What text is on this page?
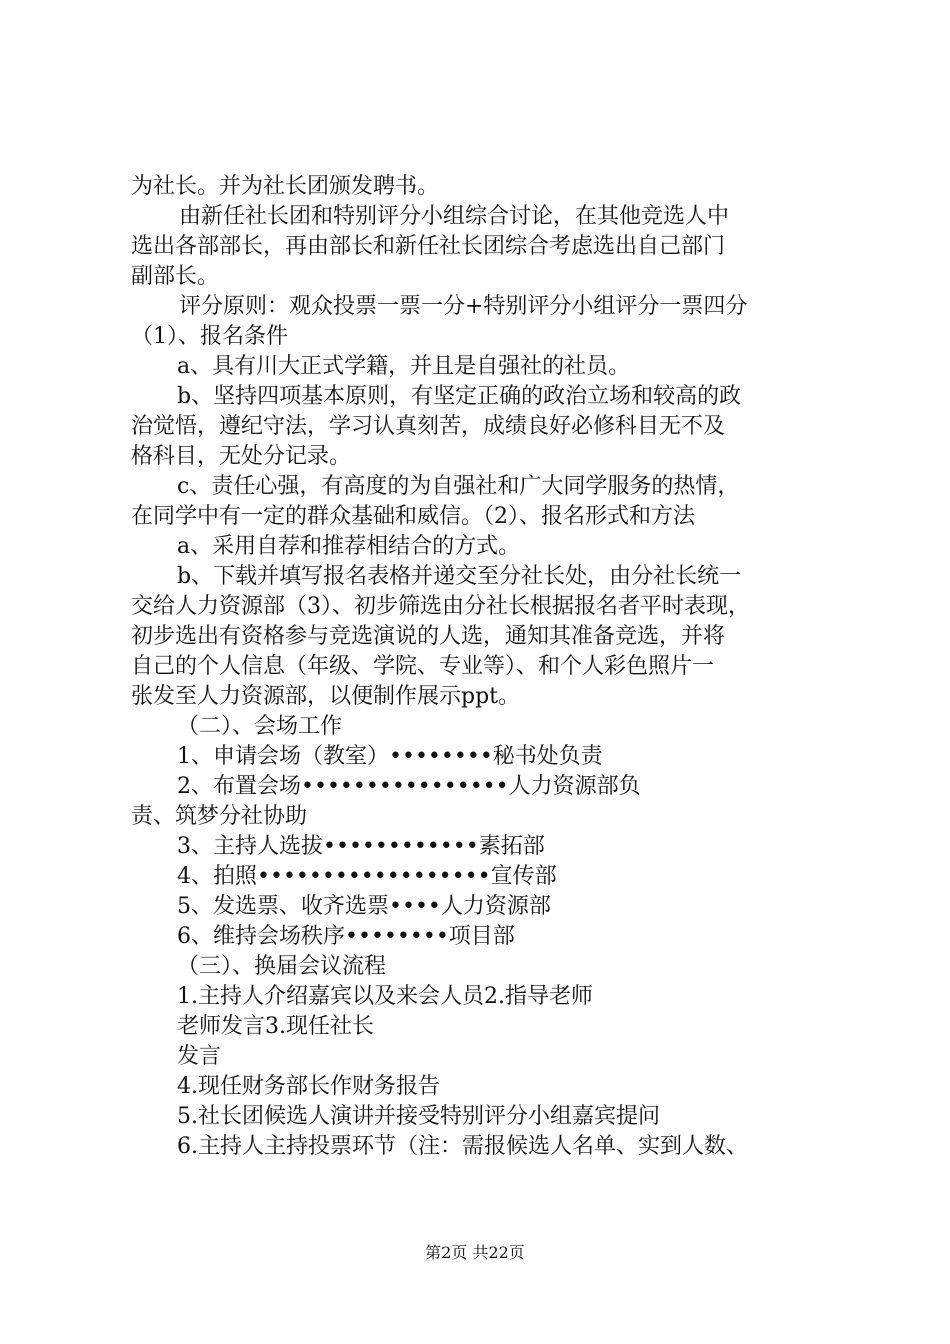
为社长。并为社长团颁发聘书。
由新任社长团和特别评分小组综合讨论，在其他竞选人中
选出各部部长，再由部长和新任社长团综合考虑选出自己部门
副部长。
评分原则：观众投票一票一分+特别评分小组评分一票四分
（1）、报名条件
a、具有川大正式学籍，并且是自强社的社员。
b、坚持四项基本原则，有坚定正确的政治立场和较高的政
治觉悟，遵纪守法，学习认真刻苦，成绩良好必修科目无不及
格科目，无处分记录。
c、责任心强，有高度的为自强社和广大同学服务的热情，
在同学中有一定的群众基础和威信。（2）、报名形式和方法
a、采用自荐和推荐相结合的方式。
b、下载并填写报名表格并递交至分社长处，由分社长统一
交给人力资源部（3）、初步筛选由分社长根据报名者平时表现，
初步选出有资格参与竞选演说的人选，通知其准备竞选，并将
自己的个人信息（年级、学院、专业等）、和个人彩色照片一
张发至人力资源部，以便制作展示ppt。
（二）、会场工作
1、申请会场（教室）••••••••秘书处负责
2、布置会场••••••••••••••••人力资源部负
责、筑梦分社协助
3、主持人选拔••••••••••••素拓部
4、拍照••••••••••••••••••宣传部
5、发选票、收齐选票••••人力资源部
6、维持会场秩序••••••••项目部
（三）、换届会议流程
1.主持人介绍嘉宾以及来会人员2.指导老师
老师发言3.现任社长
发言
4.现任财务部长作财务报告
5.社长团候选人演讲并接受特别评分小组嘉宾提问
6.主持人主持投票环节（注：需报候选人名单、实到人数、
第2页 共22页
